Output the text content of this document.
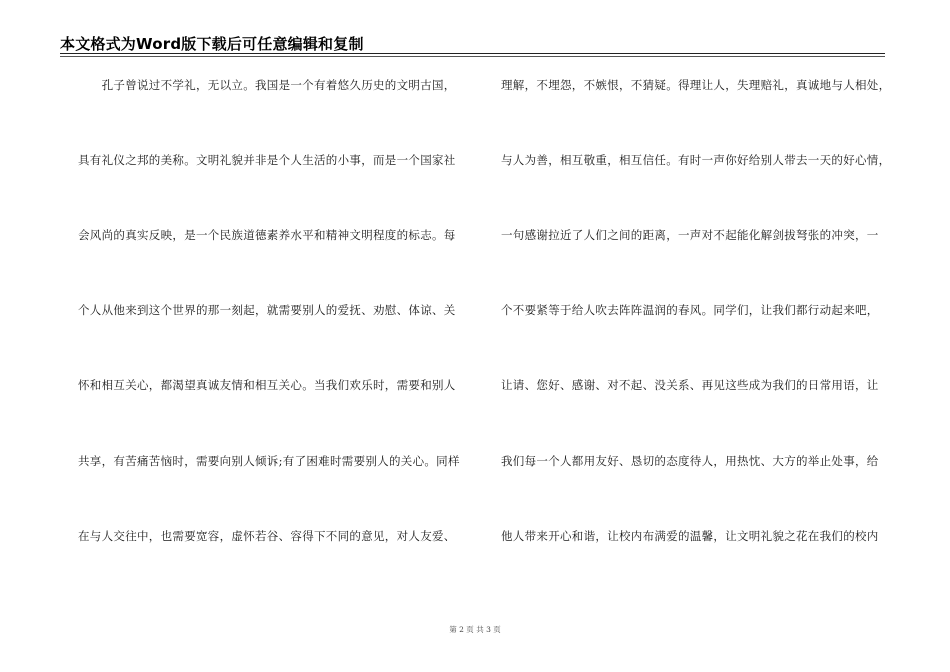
本文格式为Word版下载后可任意编辑和复制
　　孔子曾说过不学礼，无以立。我国是一个有着悠久历史的文明古国，
具有礼仪之邦的美称。文明礼貌并非是个人生活的小事，而是一个国家社
会风尚的真实反映，是一个民族道德素养水平和精神文明程度的标志。每
个人从他来到这个世界的那一刻起，就需要别人的爱抚、劝慰、体谅、关
怀和相互关心，都渴望真诚友情和相互关心。当我们欢乐时，需要和别人
共享，有苦痛苦恼时，需要向别人倾诉;有了困难时需要别人的关心。同样
在与人交往中，也需要宽容，虚怀若谷、容得下不同的意见，对人友爱、
理解，不埋怨，不嫉恨，不猜疑。得理让人，失理赔礼，真诚地与人相处，
与人为善，相互敬重，相互信任。有时一声你好给别人带去一天的好心情，
一句感谢拉近了人们之间的距离，一声对不起能化解剑拔弩张的冲突，一
个不要紧等于给人吹去阵阵温润的春风。同学们，让我们都行动起来吧，
让请、您好、感谢、对不起、没关系、再见这些成为我们的日常用语，让
我们每一个人都用友好、恳切的态度待人，用热忱、大方的举止处事，给
他人带来开心和谐，让校内布满爱的温馨，让文明礼貌之花在我们的校内
第 2 页 共 3 页
